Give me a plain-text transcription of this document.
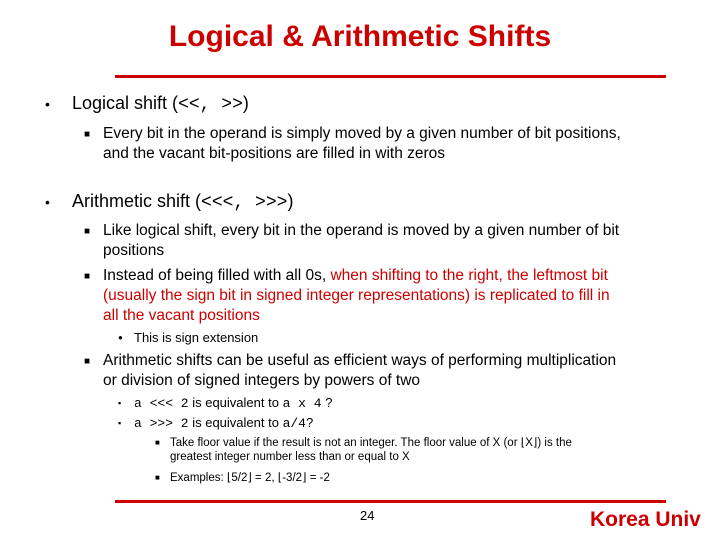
Logical & Arithmetic Shifts
• Logical shift (<<, >>)
■ Every bit in the operand is simply moved by a given number of bit positions,
and the vacant bit-positions are filled in with zeros
• Arithmetic shift (<<<, >>>)
■ Like logical shift, every bit in the operand is moved by a given number of bit
positions
■ Instead of being filled with all 0s, when shifting to the right, the leftmost bit
(usually the sign bit in signed integer representations) is replicated to fill in
all the vacant positions
● This is sign extension
■ Arithmetic shifts can be useful as efficient ways of performing multiplication
or division of signed integers by powers of two
▪ a <<< 2 is equivalent to a x 4 ?
▪ a >>> 2 is equivalent to a/4?
■ Take floor value if the result is not an integer. The floor value of X (or ⌊X⌋) is the
greatest integer number less than or equal to X
■ Examples: ⌊5/2⌋ = 2, ⌊-3/2⌋ = -2
24	Korea Univ
